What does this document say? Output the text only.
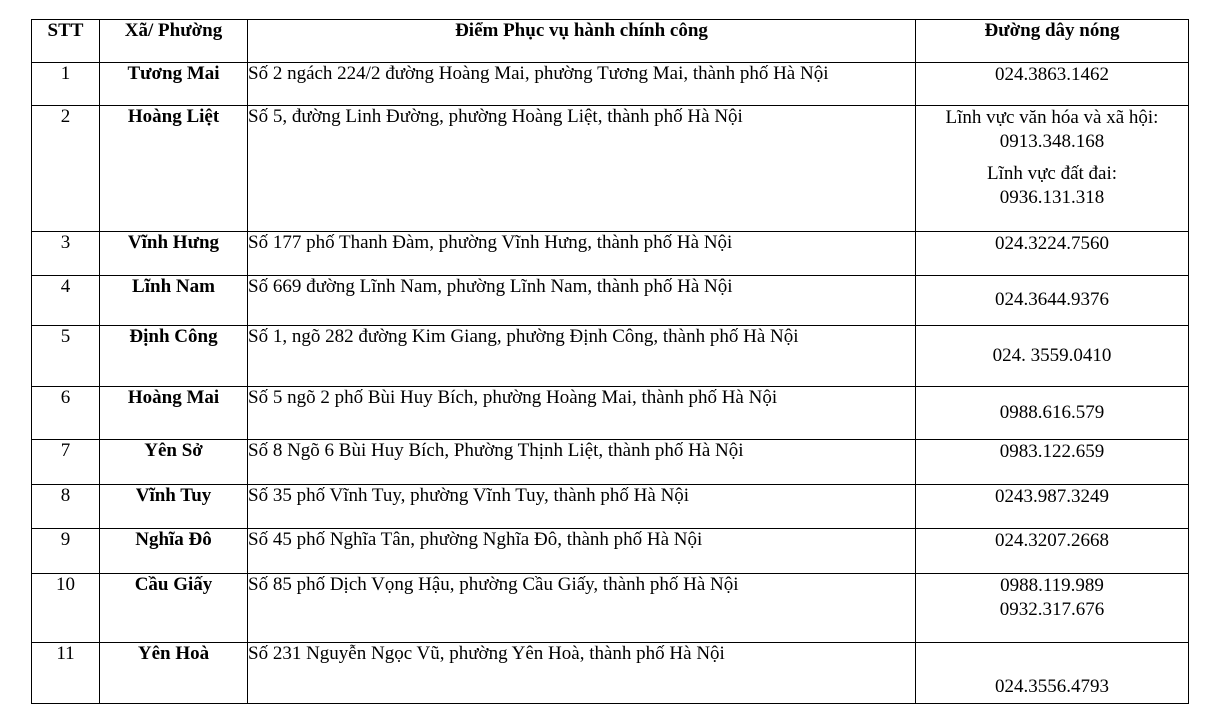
STT	Xã/ Phường	Điểm Phục vụ hành chính công	Đường dây nóng
1	Tương Mai	Số 2 ngách 224/2 đường Hoàng Mai, phường Tương Mai, thành phố Hà Nội	024.3863.1462
2	Hoàng Liệt	Số 5, đường Linh Đường, phường Hoàng Liệt, thành phố Hà Nội	Lĩnh vực văn hóa và xã hội:
0913.348.168
Lĩnh vực đất đai:
0936.131.318

3	Vĩnh Hưng	Số 177 phố Thanh Đàm, phường Vĩnh Hưng, thành phố Hà Nội	024.3224.7560
4	Lĩnh Nam	Số 669 đường Lĩnh Nam, phường Lĩnh Nam, thành phố Hà Nội	024.3644.9376
5	Định Công	Số 1, ngõ 282 đường Kim Giang, phường Định Công, thành phố Hà Nội	024. 3559.0410
6	Hoàng Mai	Số 5 ngõ 2 phố Bùi Huy Bích, phường Hoàng Mai, thành phố Hà Nội	0988.616.579
7	Yên Sở	Số 8 Ngõ 6 Bùi Huy Bích, Phường Thịnh Liệt, thành phố Hà Nội	0983.122.659
8	Vĩnh Tuy	Số 35 phố Vĩnh Tuy, phường Vĩnh Tuy, thành phố Hà Nội	0243.987.3249
9	Nghĩa Đô	Số 45 phố Nghĩa Tân, phường Nghĩa Đô, thành phố Hà Nội	024.3207.2668
10	Cầu Giấy	Số 85 phố Dịch Vọng Hậu, phường Cầu Giấy, thành phố Hà Nội	0988.119.989
0932.317.676

11	Yên Hoà	Số 231 Nguyễn Ngọc Vũ, phường Yên Hoà, thành phố Hà Nội	024.3556.4793
